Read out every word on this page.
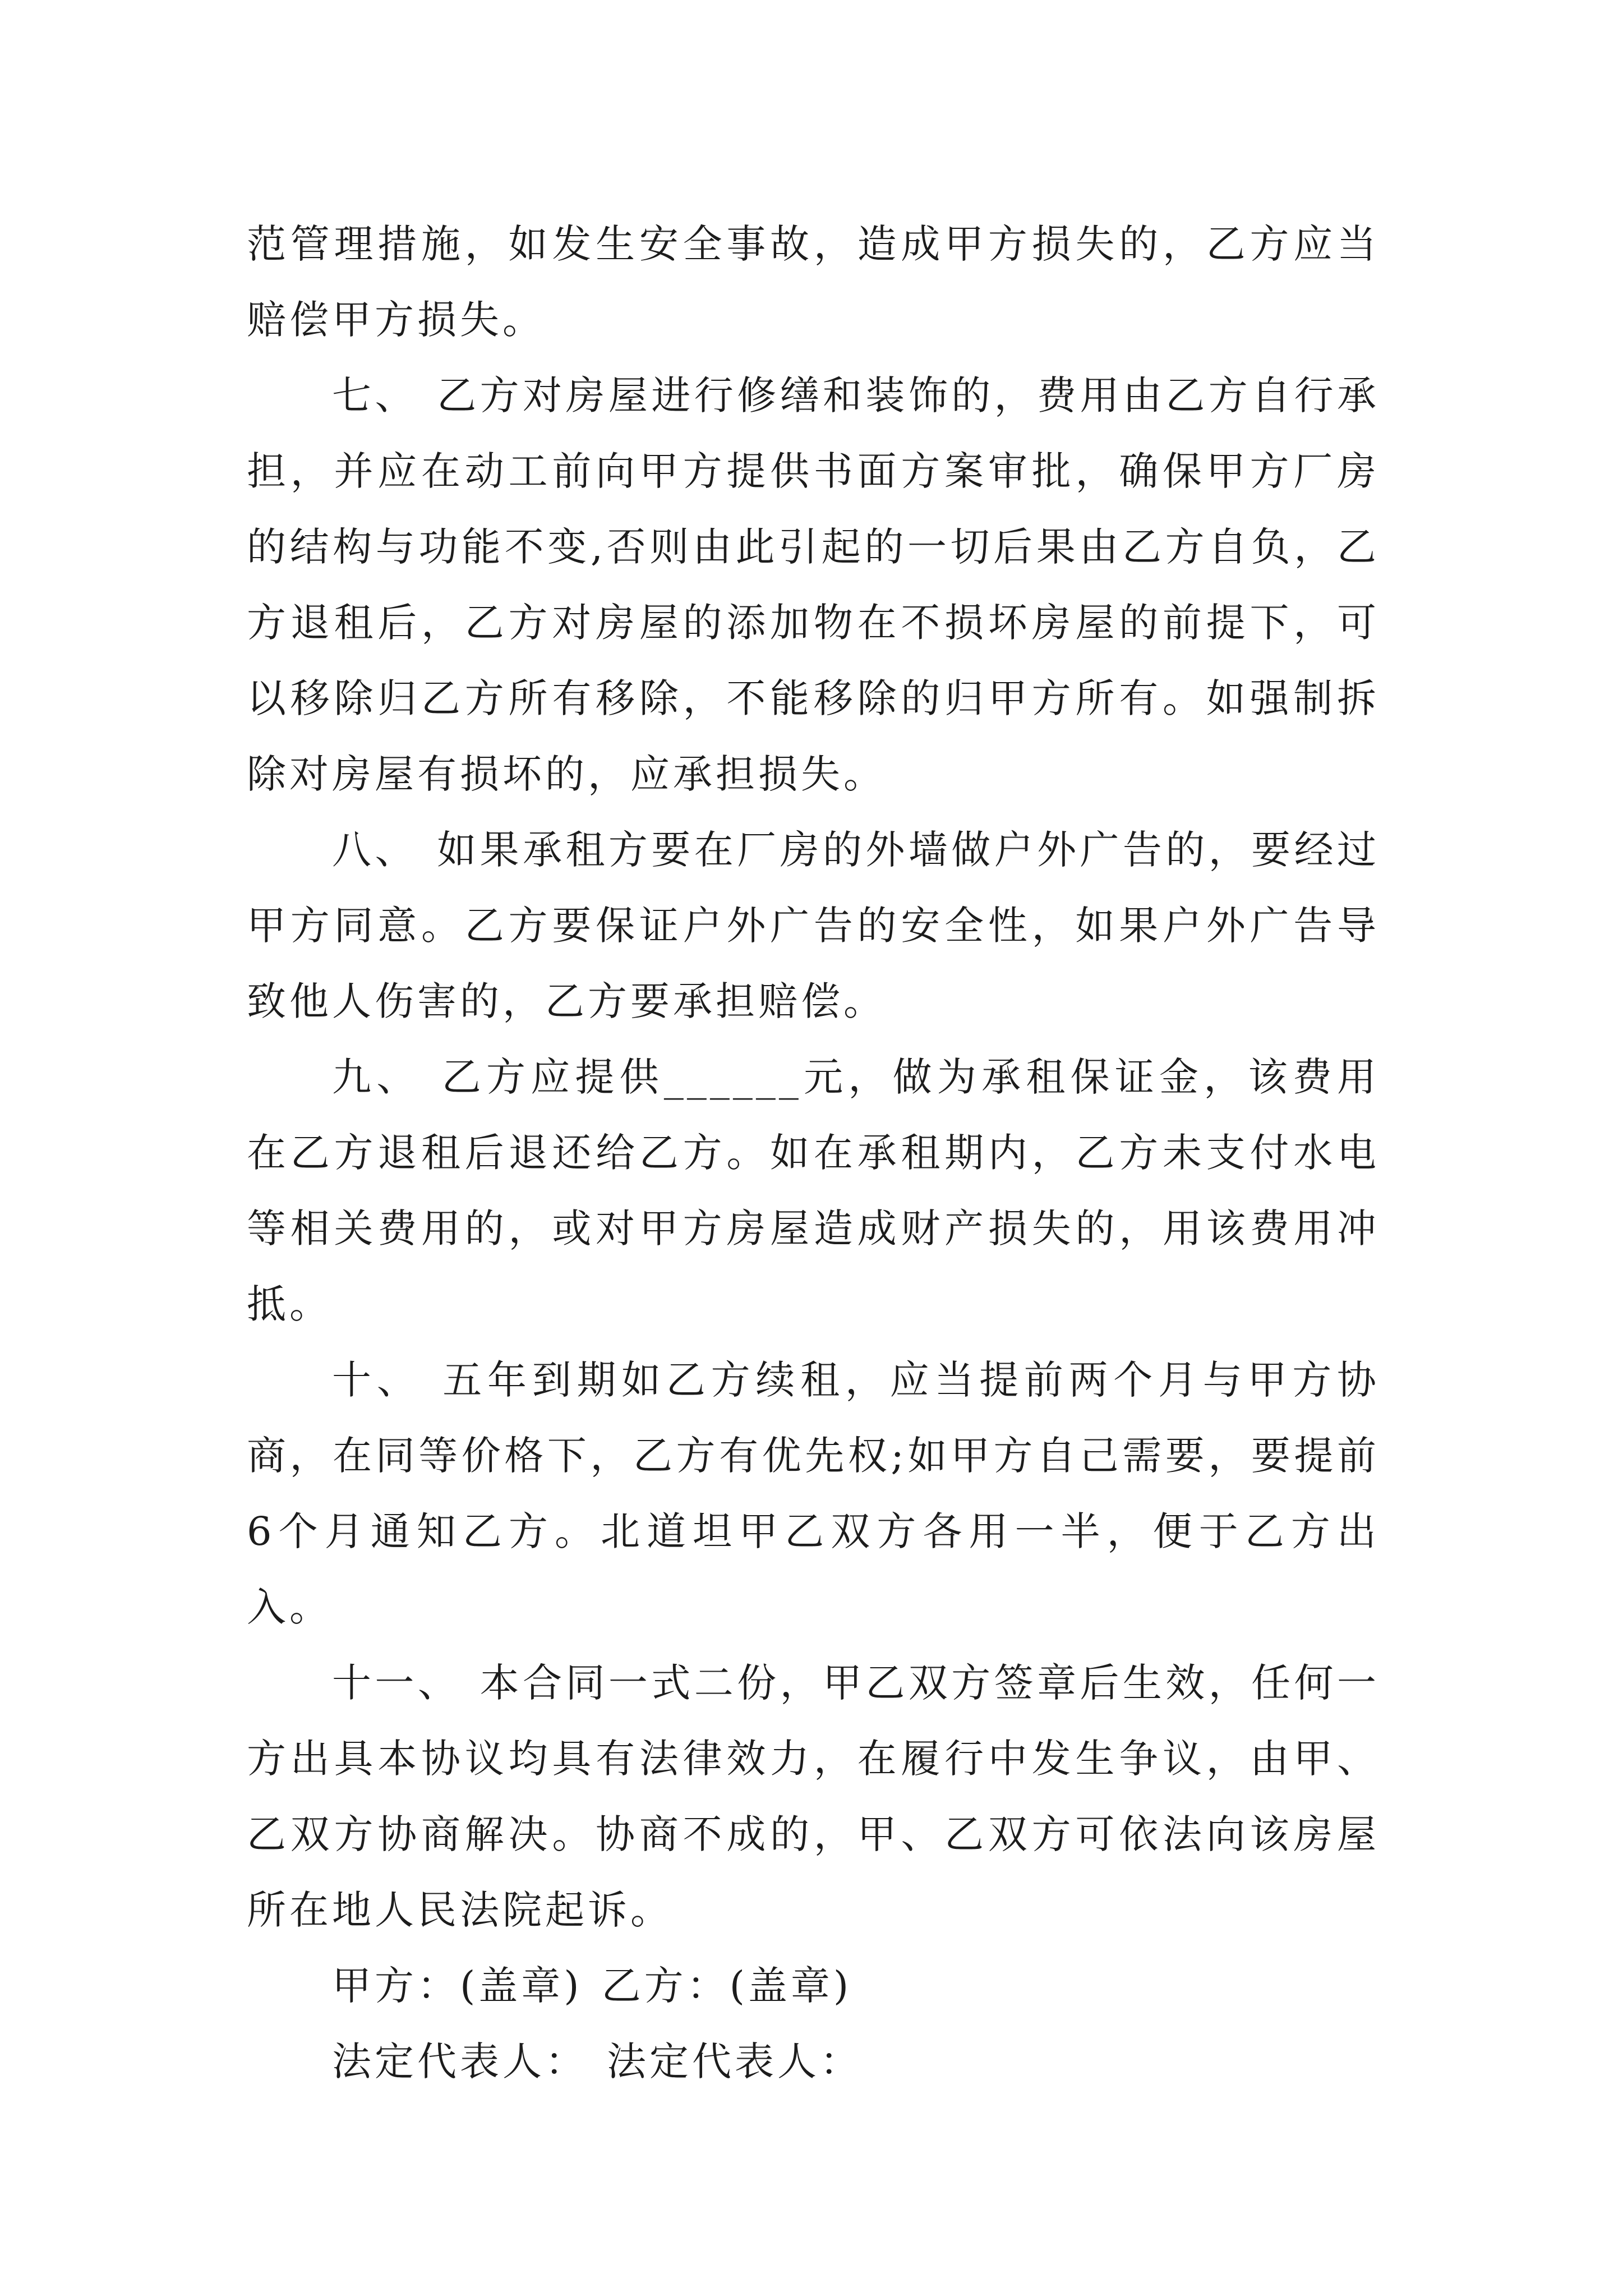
范管理措施，如发生安全事故，造成甲方损失的，乙方应当赔偿甲方损失。

七、 乙方对房屋进行修缮和装饰的，费用由乙方自行承担，并应在动工前向甲方提供书面方案审批，确保甲方厂房的结构与功能不变,否则由此引起的一切后果由乙方自负，乙方退租后，乙方对房屋的添加物在不损坏房屋的前提下，可以移除归乙方所有移除，不能移除的归甲方所有。如强制拆除对房屋有损坏的，应承担损失。

八、 如果承租方要在厂房的外墙做户外广告的，要经过甲方同意。乙方要保证户外广告的安全性，如果户外广告导致他人伤害的，乙方要承担赔偿。

九、 乙方应提供______元，做为承租保证金，该费用在乙方退租后退还给乙方。如在承租期内，乙方未支付水电等相关费用的，或对甲方房屋造成财产损失的，用该费用冲抵。

十、 五年到期如乙方续租，应当提前两个月与甲方协商，在同等价格下，乙方有优先权;如甲方自己需要，要提前6个月通知乙方。北道坦甲乙双方各用一半，便于乙方出入。

十一、 本合同一式二份，甲乙双方签章后生效，任何一方出具本协议均具有法律效力，在履行中发生争议，由甲、乙双方协商解决。协商不成的，甲、乙双方可依法向该房屋所在地人民法院起诉。

甲方：(盖章) 乙方：(盖章)

法定代表人： 法定代表人：
